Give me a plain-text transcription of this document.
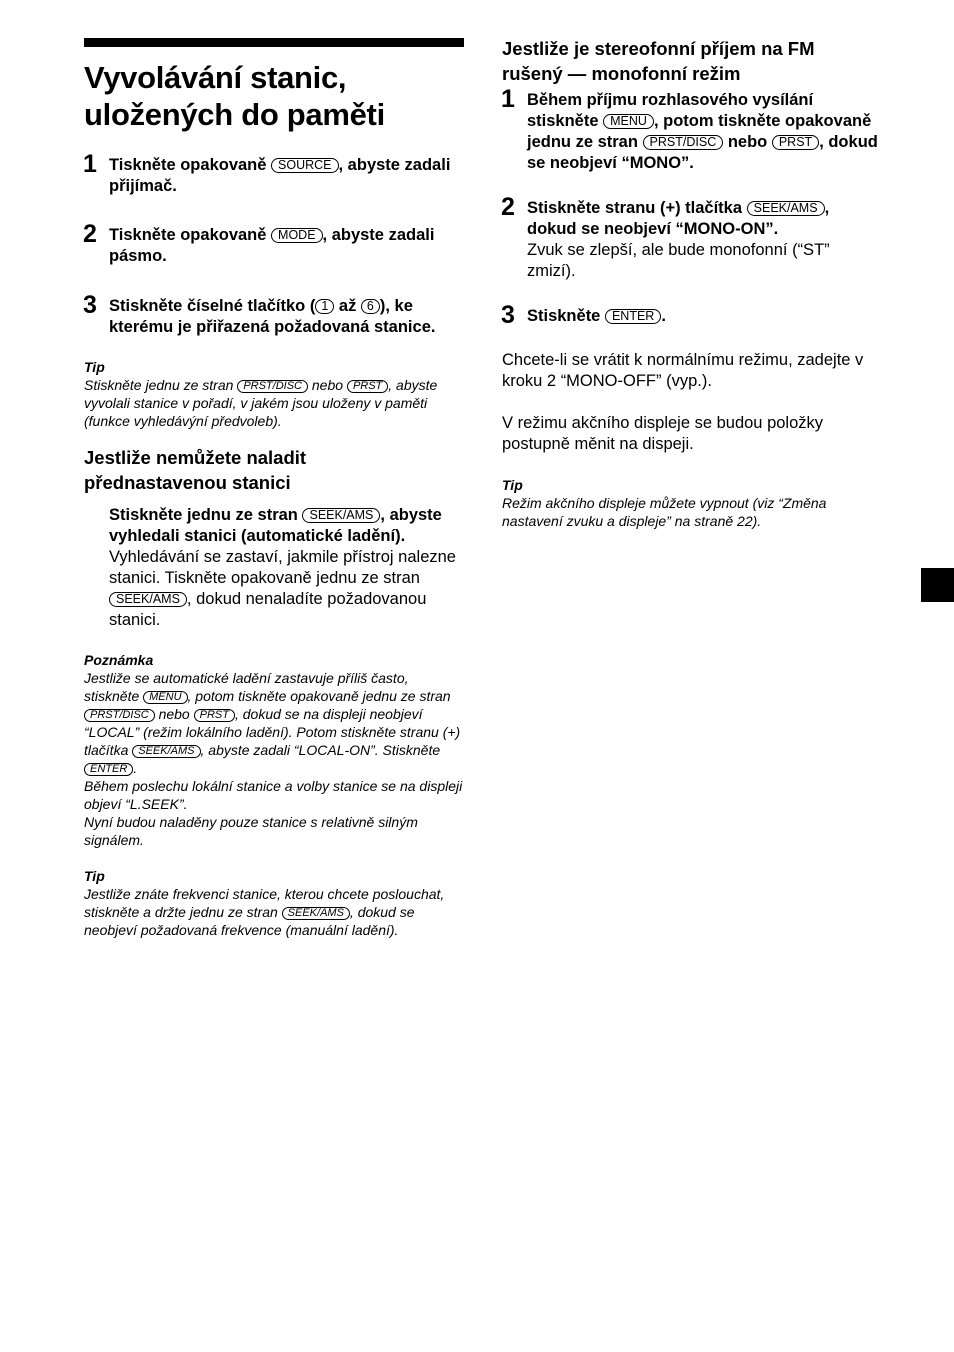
Vyvolávání stanic,
uložených do paměti
1 Tiskněte opakovaně SOURCE , abyste zadali přijímač.
2 Tiskněte opakovaně MODE , abyste zadali pásmo.
3 Stiskněte číselné tlačítko ( 1 až 6 ), ke kterému je přiřazená požadovaná stanice.
Tip
Stiskněte jednu ze stran PRST/DISC nebo PRST , abyste vyvolali stanice v pořadí, v jakém jsou uloženy v paměti (funkce vyhledávýní předvoleb).
Jestliže nemůžete naladit
přednastavenou stanici
Stiskněte jednu ze stran SEEK/AMS , abyste vyhledali stanici (automatické ladění).
Vyhledávání se zastaví, jakmile přístroj nalezne stanici. Tiskněte opakovaně jednu ze stran SEEK/AMS , dokud nenaladíte požadovanou stanici.
Poznámka
Jestliže se automatické ladění zastavuje příliš často, stiskněte MENU , potom tiskněte opakovaně jednu ze stran PRST/DISC nebo PRST , dokud se na displeji neobjeví “LOCAL” (režim lokálního ladění). Potom stiskněte stranu (+) tlačítka SEEK/AMS , abyste zadali “LOCAL-ON”. Stiskněte ENTER .
Během poslechu lokální stanice a volby stanice se na displeji objeví “L.SEEK”.
Nyní budou naladěny pouze stanice s relativně silným signálem.
Tip
Jestliže znáte frekvenci stanice, kterou chcete poslouchat, stiskněte a držte jednu ze stran SEEK/AMS , dokud se neobjeví požadovaná frekvence (manuální ladění).
Jestliže je stereofonní příjem na FM
rušený — monofonní režim
1 Během příjmu rozhlasového vysílání stiskněte MENU , potom tiskněte opakovaně jednu ze stran PRST/DISC nebo PRST , dokud se neobjeví “MONO”.
2 Stiskněte stranu (+) tlačítka SEEK/AMS , dokud se neobjeví “MONO-ON”.
Zvuk se zlepší, ale bude monofonní (“ST” zmizí).
3 Stiskněte ENTER .
Chcete-li se vrátit k normálnímu režimu, zadejte v kroku 2 “MONO-OFF” (vyp.).
V režimu akčního displeje se budou položky postupně měnit na dispeji.
Tip
Režim akčního displeje můžete vypnout (viz “Změna nastavení zvuku a displeje” na straně 22).
